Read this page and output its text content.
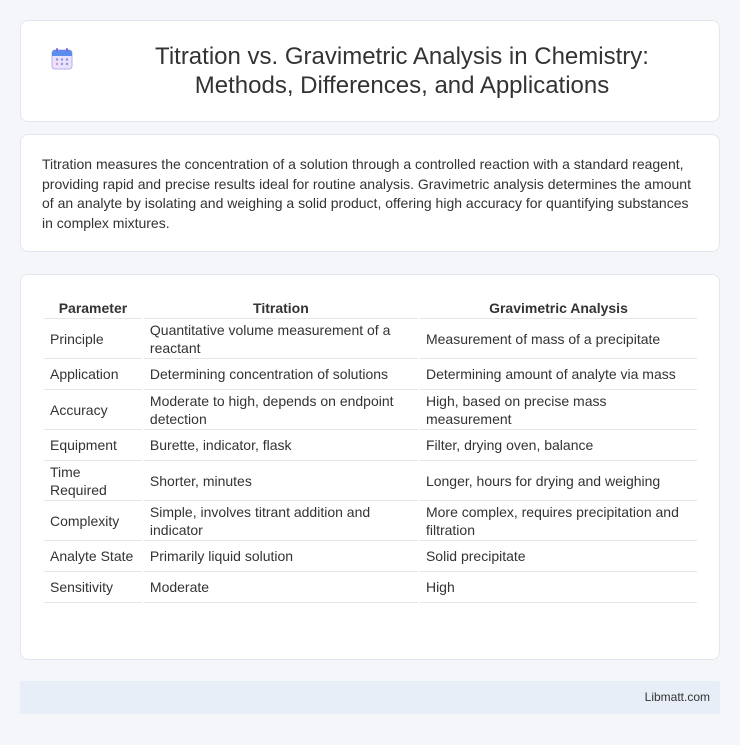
Titration vs. Gravimetric Analysis in Chemistry: Methods, Differences, and Applications

Titration measures the concentration of a solution through a controlled reaction with a standard reagent, providing rapid and precise results ideal for routine analysis. Gravimetric analysis determines the amount of an analyte by isolating and weighing a solid product, offering high accuracy for quantifying substances in complex mixtures.

Parameter	Titration	Gravimetric Analysis
Principle	Quantitative volume measurement of a reactant	Measurement of mass of a precipitate
Application	Determining concentration of solutions	Determining amount of analyte via mass
Accuracy	Moderate to high, depends on endpoint detection	High, based on precise mass measurement
Equipment	Burette, indicator, flask	Filter, drying oven, balance
Time Required	Shorter, minutes	Longer, hours for drying and weighing
Complexity	Simple, involves titrant addition and indicator	More complex, requires precipitation and filtration
Analyte State	Primarily liquid solution	Solid precipitate
Sensitivity	Moderate	High
Libmatt.com
